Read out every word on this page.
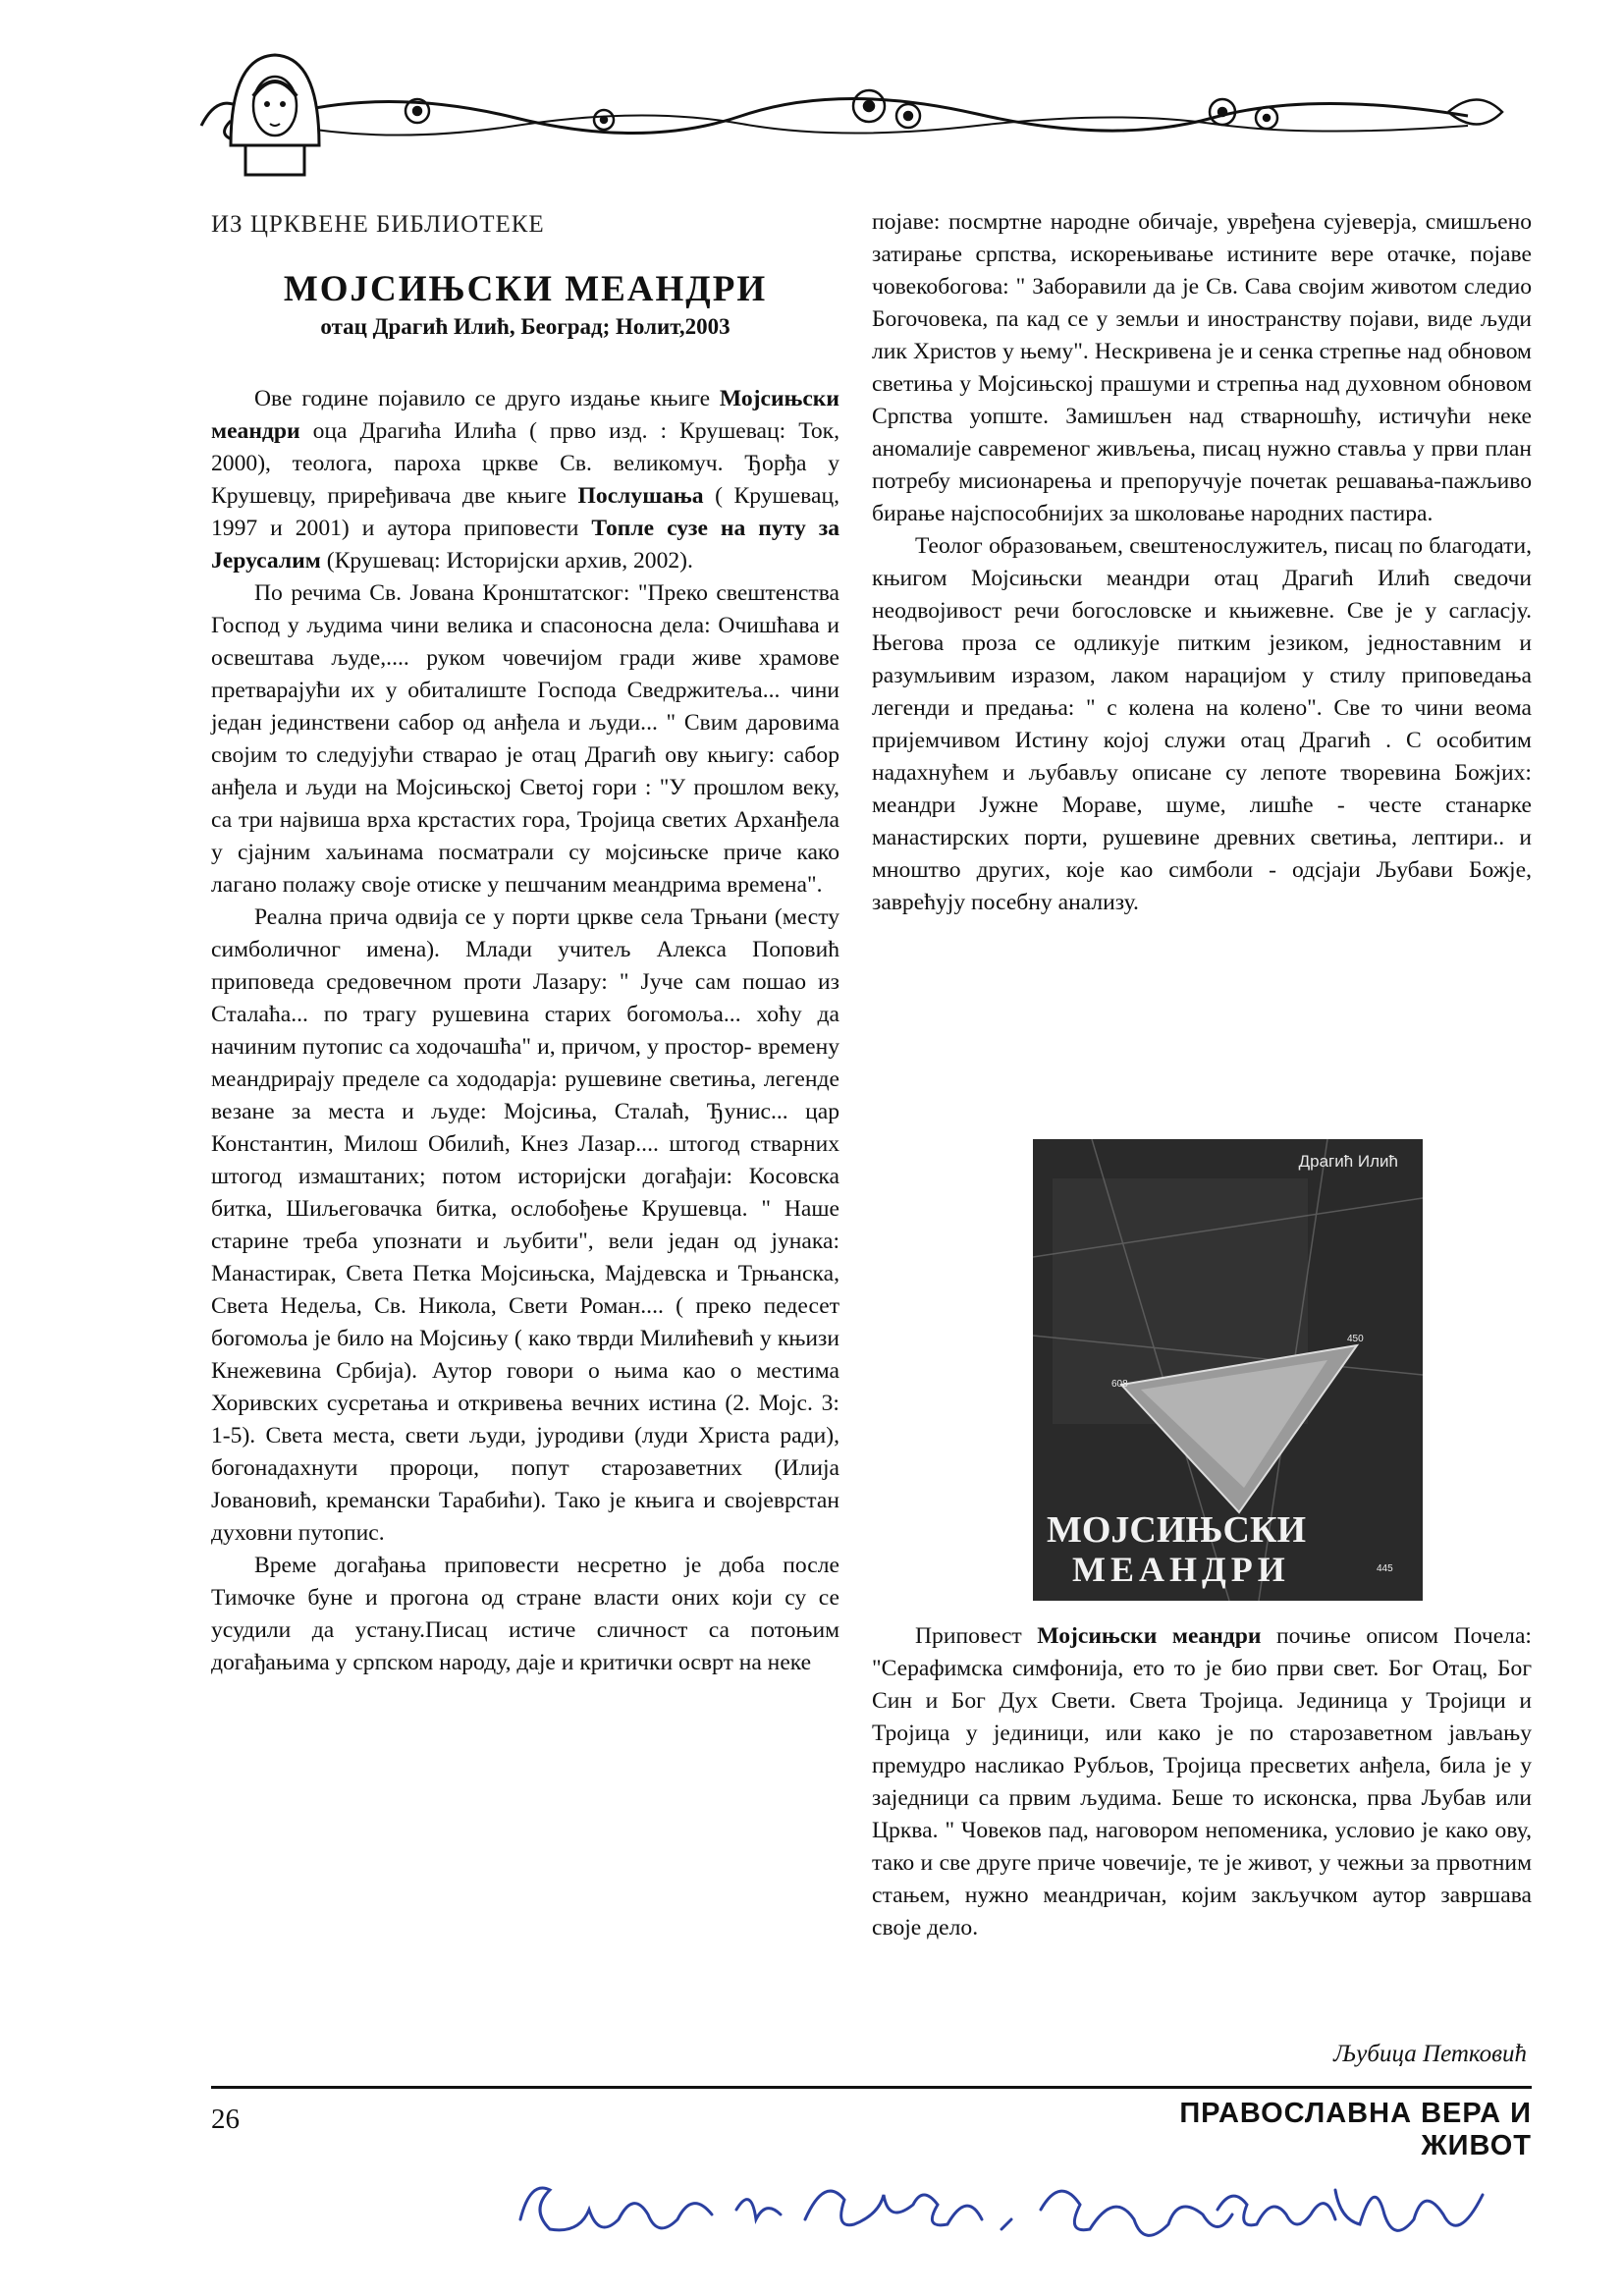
ИЗ ЦРКВЕНЕ БИБЛИОТЕКЕ
МОЈСИЊСКИ МЕАНДРИ
отац Драгић Илић, Београд; Нолит,2003

Ове године појавило се друго издање књиге Мојсињски меандри оца Драгића Илића ( прво изд. : Крушевац: Ток, 2000), теолога, пароха цркве Св. великомуч. Ђорђа у Крушевцу, приређивача две књиге Послушања ( Крушевац, 1997 и 2001) и аутора приповести Топле сузе на путу за Јерусалим (Крушевац: Историјски архив, 2002).

По речима Св. Јована Кронштатског: "Преко свештенства Господ у људима чини велика и спасоносна дела: Очишћава и освештава људе,.... руком човечијом гради живе храмове претварајући их у обиталиште Господа Сведржитеља... чини један јединствени сабор од анђела и људи... " Свим даровима својим то следујући стварао је отац Драгић ову књигу: сабор анђела и људи на Мојсињској Светој гори : "У прошлом веку, са три највиша врха крстастих гора, Тројица светих Арханђела у сјајним хаљинама посматрали су мојсињске приче како лагано полажу своје отиске у пешчаним меандрима времена".

Реална прича одвија се у порти цркве села Трњани (месту симболичног имена). Млади учитељ Алекса Поповић приповеда средовечном проти Лазару: " Јуче сам пошао из Сталаћа... по трагу рушевина старих богомоља... хоћу да начиним путопис са ходочашћа" и, причом, у простор- времену меандрирају пределе са хододарја: рушевине светиња, легенде везане за места и људе: Мојсиња, Сталаћ, Ђунис... цар Константин, Милош Обилић, Кнез Лазар.... штогод стварних штогод измаштаних; потом историјски догађаји: Косовска битка, Шиљеговачка битка, ослобођење Крушевца. " Наше старине треба упознати и љубити", вели један од јунака: Манастирак, Света Петка Мојсињска, Мајдевска и Трњанска, Света Недеља, Св. Никола, Свети Роман.... ( преко педесет богомоља је било на Мојсињу ( како тврди Милићевић у књизи Кнежевина Србија). Аутор говори о њима као о местима Хоривских сусретања и откривења вечних истина (2. Мојс. 3: 1-5). Света места, свети људи, јуродиви (луди Христа ради), богонадахнути пророци, попут старозаветних (Илија Јовановић, кремански Тарабићи). Тако је књига и својеврстан духовни путопис.

Време догађања приповести несретно је доба после Тимочке буне и прогона од стране власти оних који су се усудили да устану.Писац истиче сличност са потоњим догађањима у српском народу, даје и критички осврт на неке

појаве: посмртне народне обичаје, увређена сујеверја, смишљено затирање српства, искорењивање истините вере отачке, појаве човекобогова: " Заборавили да је Св. Сава својим животом следио Богочовека, па кад се у земљи и иностранству појави, виде људи лик Христов у њему". Нескривена је и сенка стрепње над обновом светиња у Мојсињској прашуми и стрепња над духовном обновом Српства уопште. Замишљен над стварношћу, истичући неке аномалије савременог живљења, писац нужно ставља у први план потребу мисионарења и препоручује почетак решавања-пажљиво бирање најспособнијих за школовање народних пастира.

Теолог образовањем, свештенослужитељ, писац по благодати, књигом Мојсињски меандри отац Драгић Илић сведочи неодвојивост речи богословске и књижевне. Све је у сагласју. Његова проза се одликује питким језиком, једноставним и разумљивим изразом, лаком нарацијом у стилу приповедања легенди и предања: " с колена на колено". Све то чини веома пријемчивом Истину којој служи отац Драгић . С особитим надахнућем и љубављу описане су лепоте творевина Божјих: меандри Јужне Мораве, шуме, лишће - честе станарке манастирских порти, рушевине древних светиња, лептири.. и мноштво других, које као симболи - одсјаји Љубави Божје, заврећују посебну анализу.

Драгић Илић
608
450
445
МОЈСИЊСКИ
МЕАНДРИ

Приповест Мојсињски меандри почиње описом Почела: "Серафимска симфонија, ето то је био први свет. Бог Отац, Бог Син и Бог Дух Свети. Света Тројица. Јединица у Тројици и Тројица у јединици, или како је по старозаветном јављању премудро насликао Рубљов, Тројица пресветих анђела, била је у заједници са првим људима. Беше то исконска, прва Љубав или Црква. " Човеков пад, наговором непоменика, условио је како ову, тако и све друге приче човечије, те је живот, у чежњи за првотним стањем, нужно меандричан, којим закључком аутор завршава своје дело.

Љубица Петковић
26	ПРАВОСЛАВНА ВЕРА И ЖИВОТ
